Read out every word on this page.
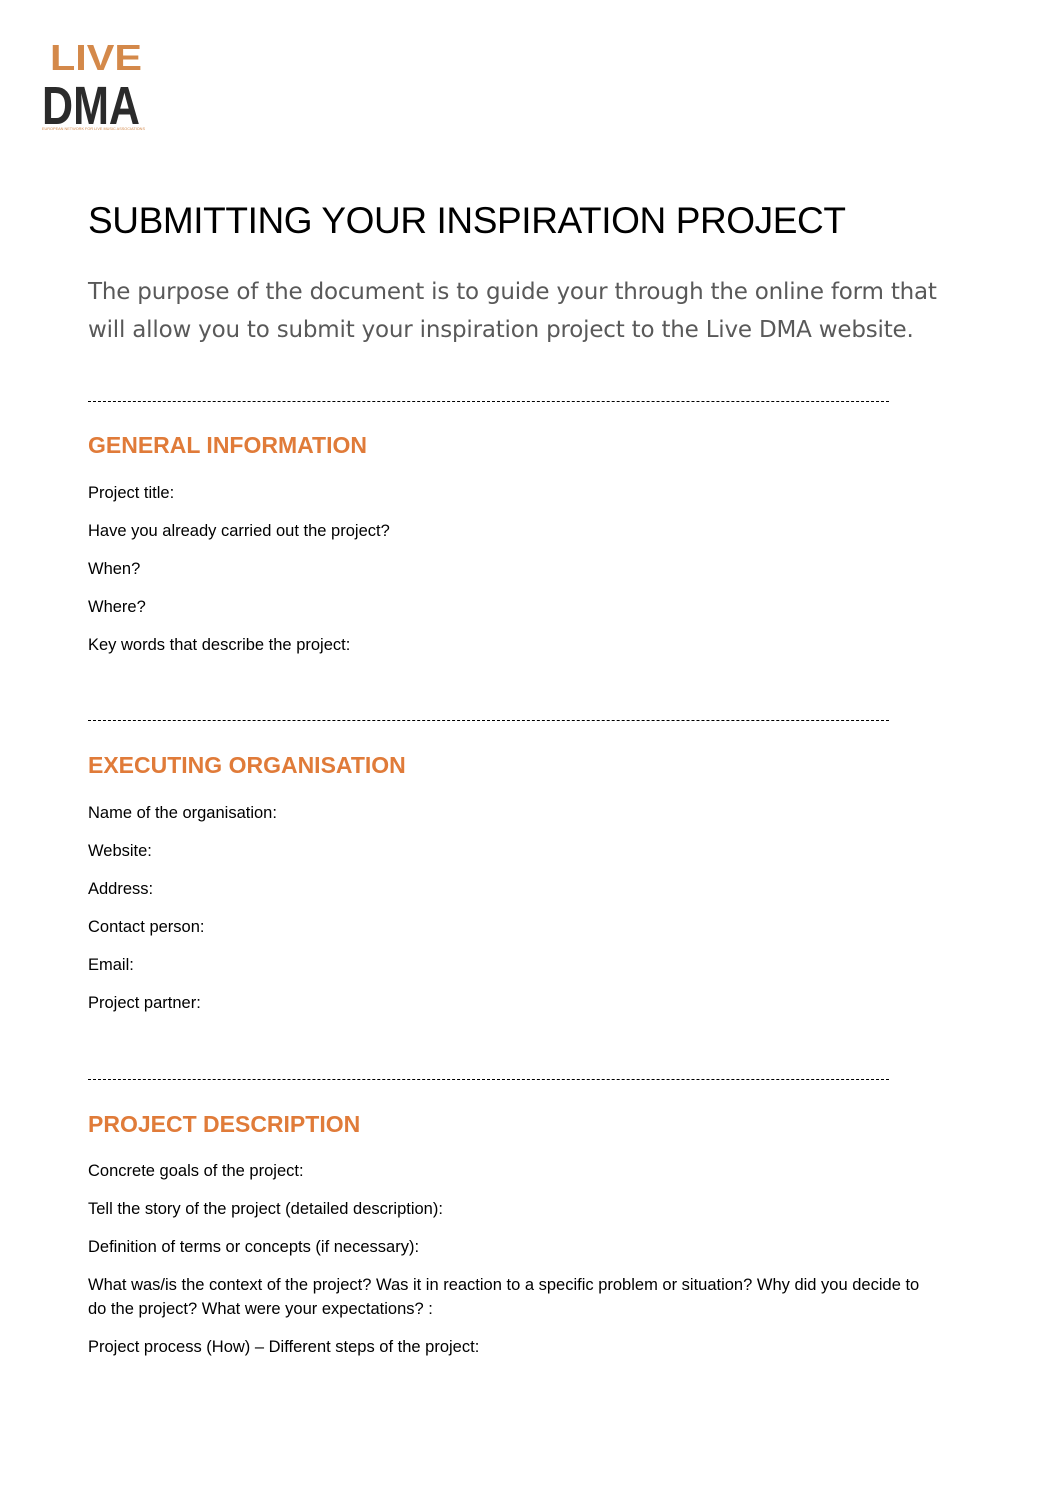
LIVE
DMA
EUROPEAN NETWORK FOR LIVE MUSIC ASSOCIATIONS
SUBMITTING YOUR INSPIRATION PROJECT
The purpose of the document is to guide your through the online form that will allow you to submit your inspiration project to the Live DMA website.
GENERAL INFORMATION
Project title:
Have you already carried out the project?
When?
Where?
Key words that describe the project:
EXECUTING ORGANISATION
Name of the organisation:
Website:
Address:
Contact person:
Email:
Project partner:
PROJECT DESCRIPTION
Concrete goals of the project:
Tell the story of the project (detailed description):
Definition of terms or concepts (if necessary):
What was/is the context of the project? Was it in reaction to a specific problem or situation? Why did you decide to do the project? What were your expectations? :
Project process (How) – Different steps of the project:
